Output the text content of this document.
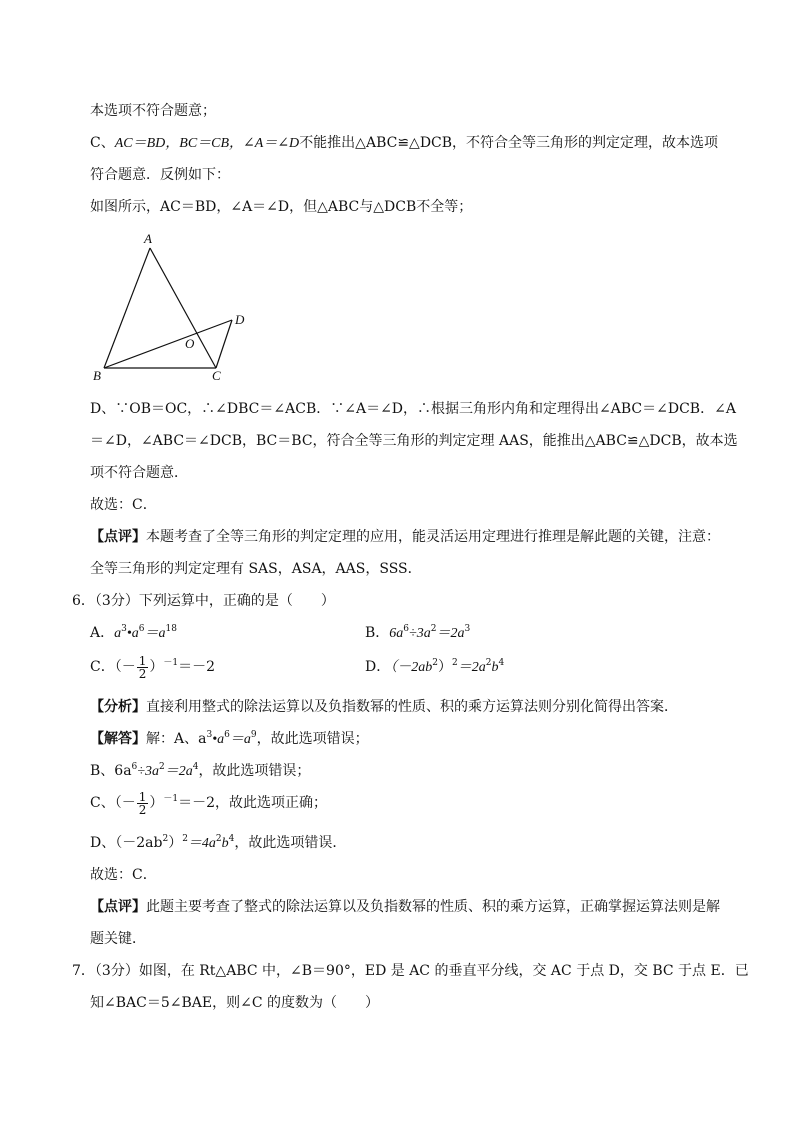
本选项不符合题意；
C、AC＝BD，BC＝CB，∠A＝∠D不能推出△ABC≌△DCB，不符合全等三角形的判定定理，故本选项
符合题意．反例如下：
如图所示，AC＝BD，∠A＝∠D，但△ABC与△DCB不全等；
A
B	C
D
O
D、∵OB＝OC，∴∠DBC＝∠ACB．∵∠A＝∠D，∴根据三角形内角和定理得出∠ABC＝∠DCB．∠A
＝∠D，∠ABC＝∠DCB，BC＝BC，符合全等三角形的判定定理 AAS，能推出△ABC≌△DCB，故本选
项不符合题意．
故选：C．
【点评】本题考查了全等三角形的判定定理的应用，能灵活运用定理进行推理是解此题的关键，注意：
全等三角形的判定定理有 SAS，ASA，AAS，SSS．
6．（3分）下列运算中，正确的是（　　）
A．$a^3•a^6=a^{18}$	B．$6a^6\div 3a^2=2a^3$
C．（－ $\frac{1}{2} )^{-1}=-2$	D．$(-2ab^2)^2=2a^2b^4$
【分析】直接利用整式的除法运算以及负指数幂的性质、积的乘方运算法则分别化简得出答案．
【解答】解：A、$a^3•a^6=a^9$，故此选项错误；
B、$6a^6\div 3a^2=2a^4$，故此选项错误；
C、（－ $\frac{1}{2} )^{-1}=-2$，故此选项正确；
D、$(-2ab^2)^2=4a^2b^4$，故此选项错误．
故选：C．
【点评】此题主要考查了整式的除法运算以及负指数幂的性质、积的乘方运算，正确掌握运算法则是解
题关键．
7．（3分）如图，在 Rt△ABC 中，∠B＝90°，ED 是 AC 的垂直平分线，交 AC 于点 D，交 BC 于点 E．已
知∠BAC＝5∠BAE，则∠C 的度数为（　　）
